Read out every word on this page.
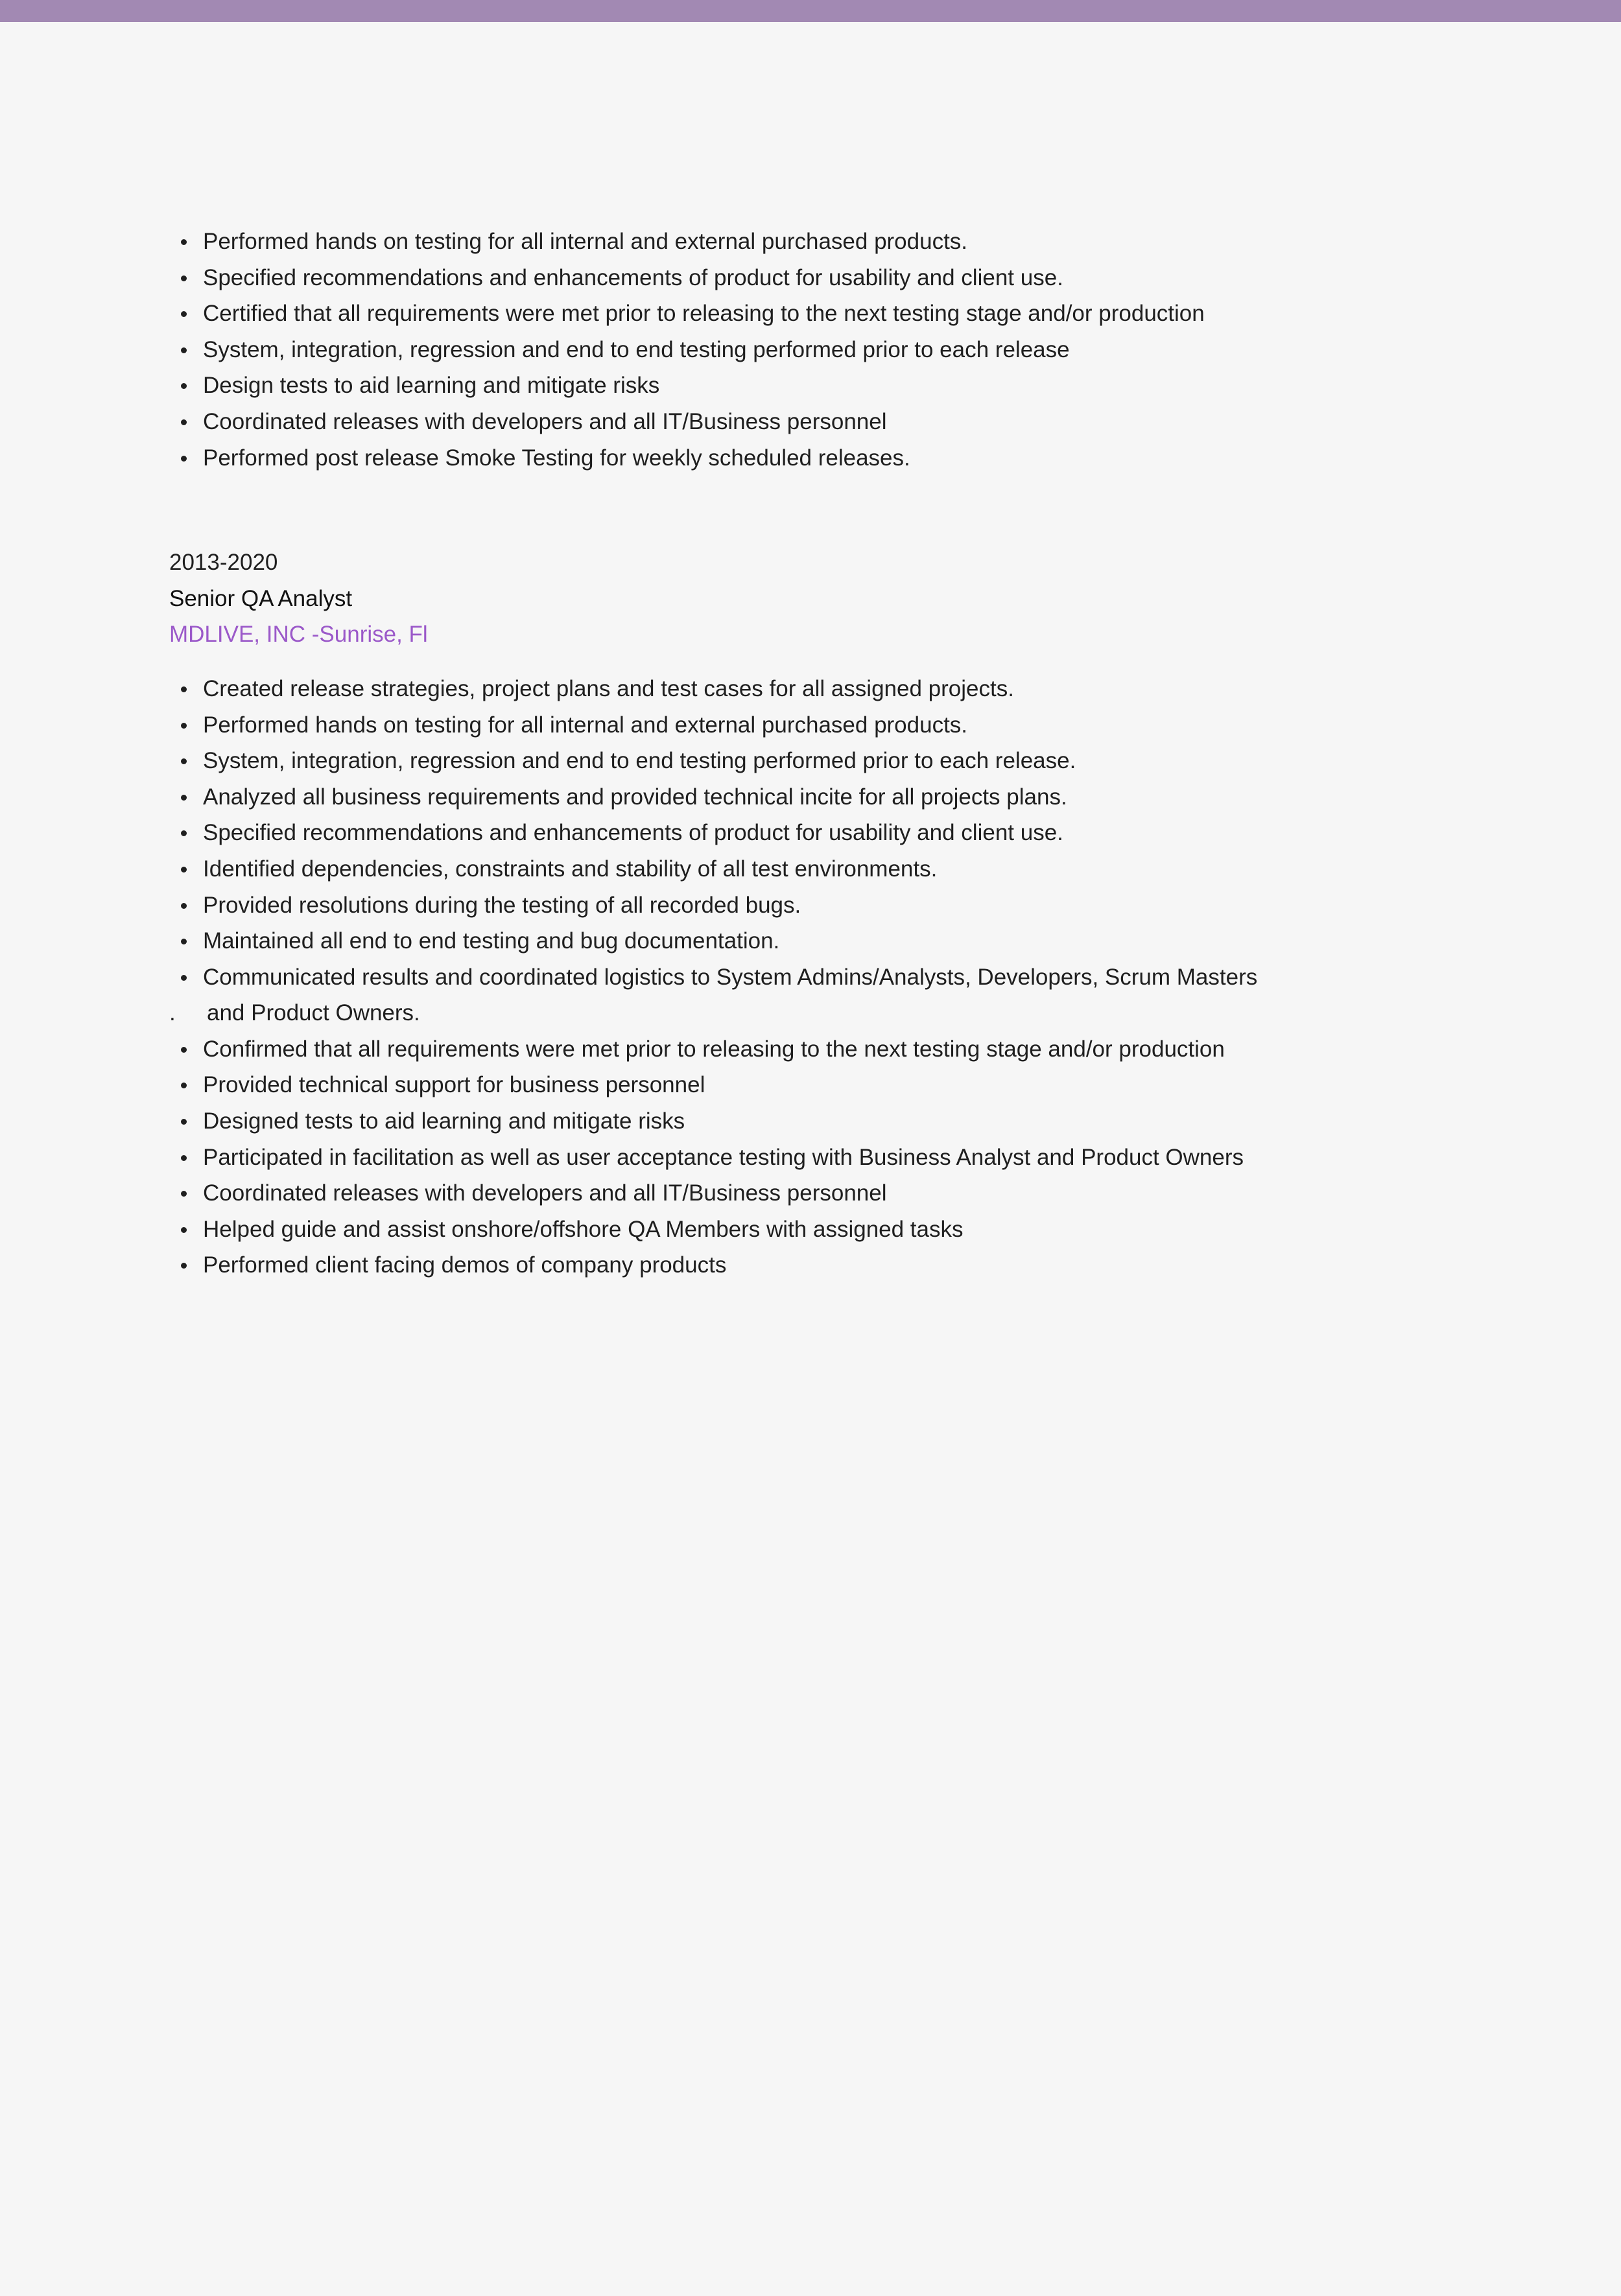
Performed hands on testing for all internal and external purchased products.
Specified recommendations and enhancements of product for usability and client use.
Certified that all requirements were met prior to releasing to the next testing stage and/or production
System, integration, regression and end to end testing performed prior to each release
Design tests to aid learning and mitigate risks
Coordinated releases with developers and all IT/Business personnel
Performed post release Smoke Testing for weekly scheduled releases.
2013-2020
Senior QA Analyst
MDLIVE, INC -Sunrise, Fl
Created release strategies, project plans and test cases for all assigned projects.
Performed hands on testing for all internal and external purchased products.
System, integration, regression and end to end testing performed prior to each release.
Analyzed all business requirements and provided technical incite for all projects plans.
Specified recommendations and enhancements of product for usability and client use.
Identified dependencies, constraints and stability of all test environments.
Provided resolutions during the testing of all recorded bugs.
Maintained all end to end testing and bug documentation.
Communicated results and coordinated logistics to System Admins/Analysts, Developers, Scrum Masters
. and Product Owners.
Confirmed that all requirements were met prior to releasing to the next testing stage and/or production
Provided technical support for business personnel
Designed tests to aid learning and mitigate risks
Participated in facilitation as well as user acceptance testing with Business Analyst and Product Owners
Coordinated releases with developers and all IT/Business personnel
Helped guide and assist onshore/offshore QA Members with assigned tasks
Performed client facing demos of company products
